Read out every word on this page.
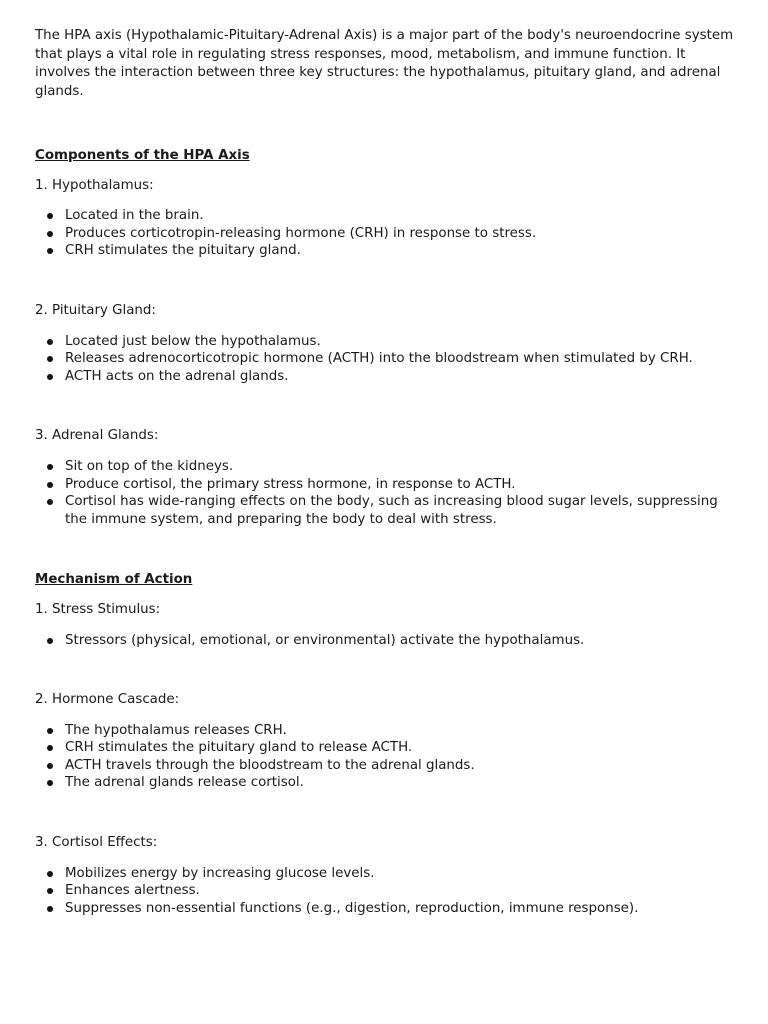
The HPA axis (Hypothalamic-Pituitary-Adrenal Axis) is a major part of the body's neuroendocrine system that plays a vital role in regulating stress responses, mood, metabolism, and immune function. It involves the interaction between three key structures: the hypothalamus, pituitary gland, and adrenal glands.

Components of the HPA Axis

1. Hypothalamus:

Located in the brain.
Produces corticotropin-releasing hormone (CRH) in response to stress.
CRH stimulates the pituitary gland.

2. Pituitary Gland:

Located just below the hypothalamus.
Releases adrenocorticotropic hormone (ACTH) into the bloodstream when stimulated by CRH.
ACTH acts on the adrenal glands.

3. Adrenal Glands:

Sit on top of the kidneys.
Produce cortisol, the primary stress hormone, in response to ACTH.
Cortisol has wide-ranging effects on the body, such as increasing blood sugar levels, suppressing the immune system, and preparing the body to deal with stress.

Mechanism of Action

1. Stress Stimulus:

Stressors (physical, emotional, or environmental) activate the hypothalamus.

2. Hormone Cascade:

The hypothalamus releases CRH.
CRH stimulates the pituitary gland to release ACTH.
ACTH travels through the bloodstream to the adrenal glands.
The adrenal glands release cortisol.

3. Cortisol Effects:

Mobilizes energy by increasing glucose levels.
Enhances alertness.
Suppresses non-essential functions (e.g., digestion, reproduction, immune response).
